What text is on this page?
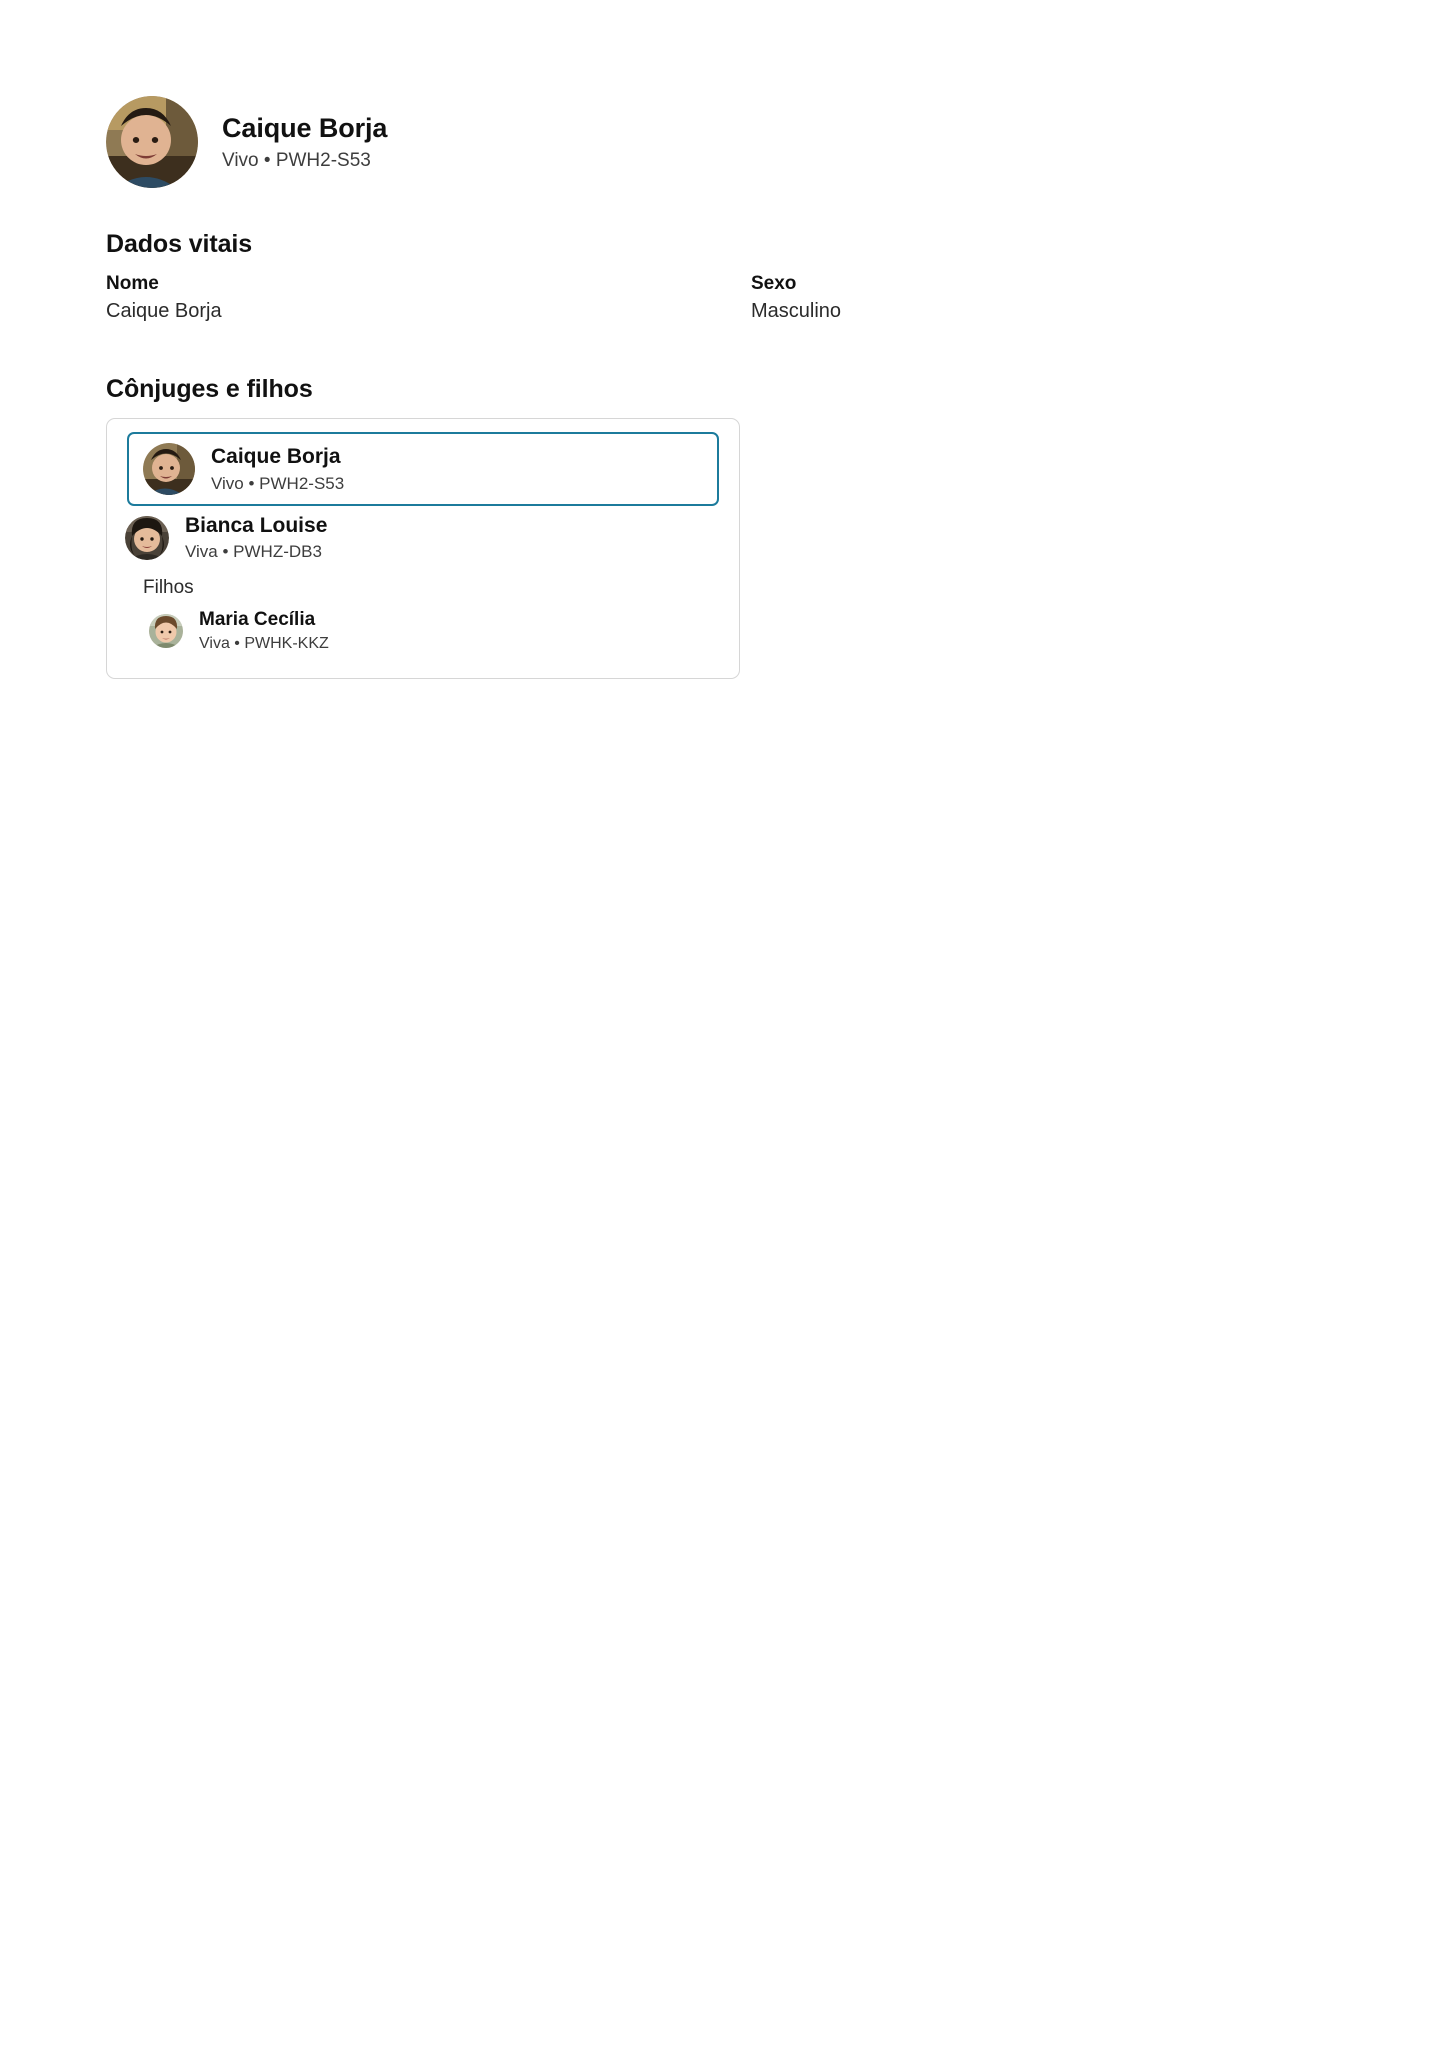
Caique Borja
Vivo • PWH2-S53
Dados vitais
Nome
Caique Borja
Sexo
Masculino
Cônjuges e filhos
Caique Borja
Vivo • PWH2-S53
Bianca Louise
Viva • PWHZ-DB3
Filhos
Maria Cecília
Viva • PWHK-KKZ
